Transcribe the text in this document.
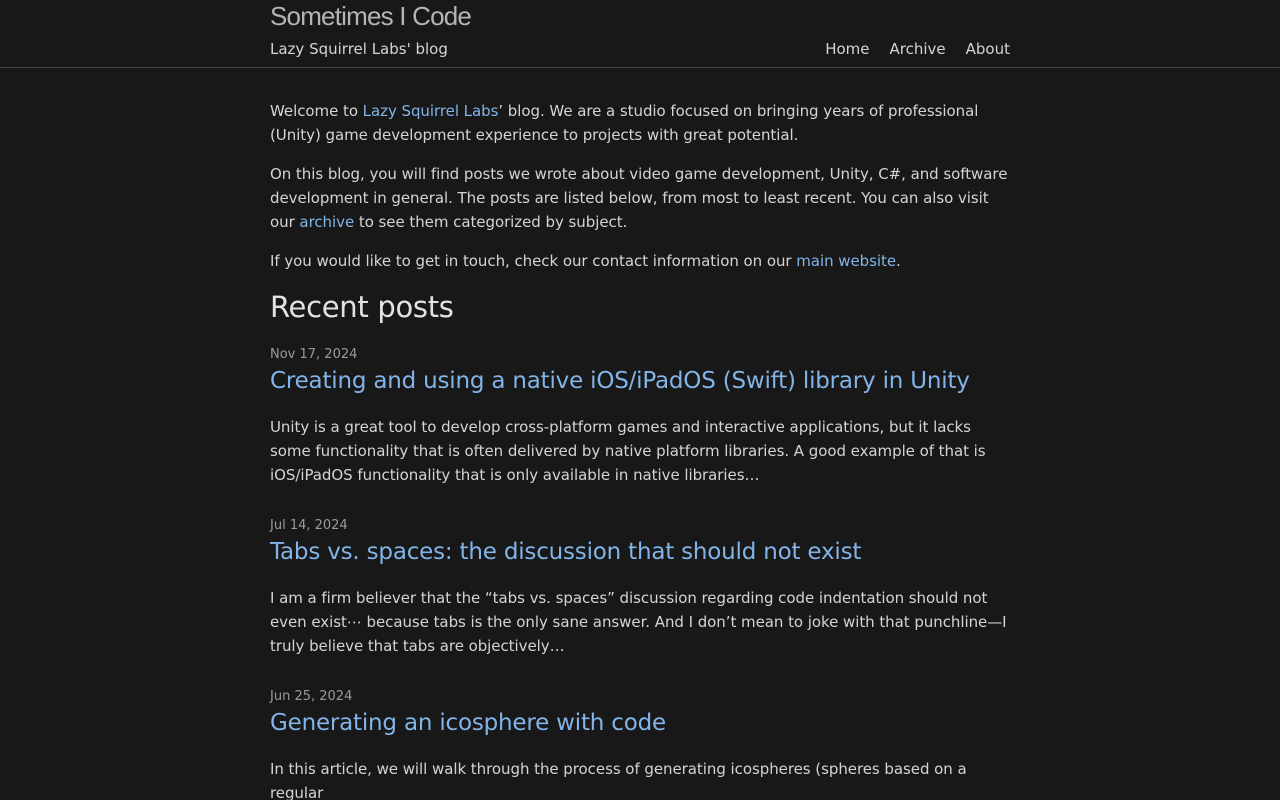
Sometimes I Code
Lazy Squirrel Labs' blog	Home Archive About

Welcome to Lazy Squirrel Labs’ blog. We are a studio focused on bringing years of professional (Unity) game development experience to projects with great potential.

On this blog, you will find posts we wrote about video game development, Unity, C#, and software development in general. The posts are listed below, from most to least recent. You can also visit our archive to see them categorized by subject.

If you would like to get in touch, check our contact information on our main website.

Recent posts
Nov 17, 2024
Creating and using a native iOS/iPadOS (Swift) library in Unity

Unity is a great tool to develop cross-platform games and interactive applications, but it lacks some functionality that is often delivered by native platform libraries. A good example of that is iOS/iPadOS functionality that is only available in native libraries…

Jul 14, 2024
Tabs vs. spaces: the discussion that should not exist

I am a firm believer that the “tabs vs. spaces” discussion regarding code indentation should not even exist⋯ because tabs is the only sane answer. And I don’t mean to joke with that punchline—I truly believe that tabs are objectively…

Jun 25, 2024
Generating an icosphere with code

In this article, we will walk through the process of generating icospheres (spheres based on a regular
